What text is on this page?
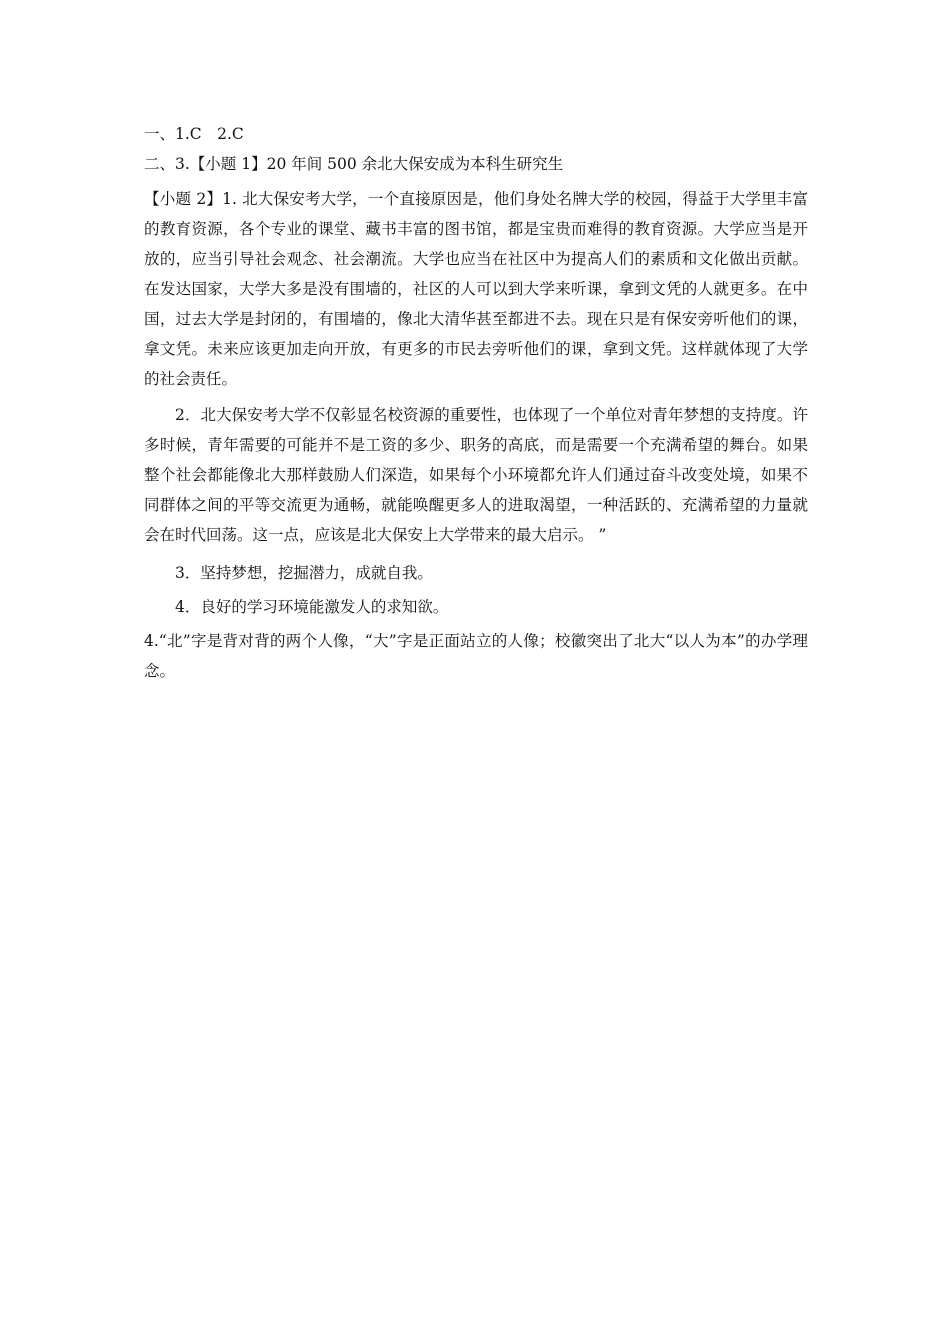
一、1.C　2.C

二、3.【小题 1】20 年间 500 余北大保安成为本科生研究生

【小题 2】1. 北大保安考大学，一个直接原因是，他们身处名牌大学的校园，得益于大学里丰富的教育资源，各个专业的课堂、藏书丰富的图书馆，都是宝贵而难得的教育资源。大学应当是开放的，应当引导社会观念、社会潮流。大学也应当在社区中为提高人们的素质和文化做出贡献。在发达国家，大学大多是没有围墙的，社区的人可以到大学来听课，拿到文凭的人就更多。在中国，过去大学是封闭的，有围墙的，像北大清华甚至都进不去。现在只是有保安旁听他们的课，拿文凭。未来应该更加走向开放，有更多的市民去旁听他们的课，拿到文凭。这样就体现了大学的社会责任。

2．北大保安考大学不仅彰显名校资源的重要性，也体现了一个单位对青年梦想的支持度。许多时候，青年需要的可能并不是工资的多少、职务的高底，而是需要一个充满希望的舞台。如果整个社会都能像北大那样鼓励人们深造，如果每个小环境都允许人们通过奋斗改变处境，如果不同群体之间的平等交流更为通畅，就能唤醒更多人的进取渴望，一种活跃的、充满希望的力量就会在时代回荡。这一点，应该是北大保安上大学带来的最大启示。 ”

3．坚持梦想，挖掘潜力，成就自我。

4．良好的学习环境能激发人的求知欲。

4.“北”字是背对背的两个人像，“大”字是正面站立的人像；校徽突出了北大“以人为本”的办学理念。
